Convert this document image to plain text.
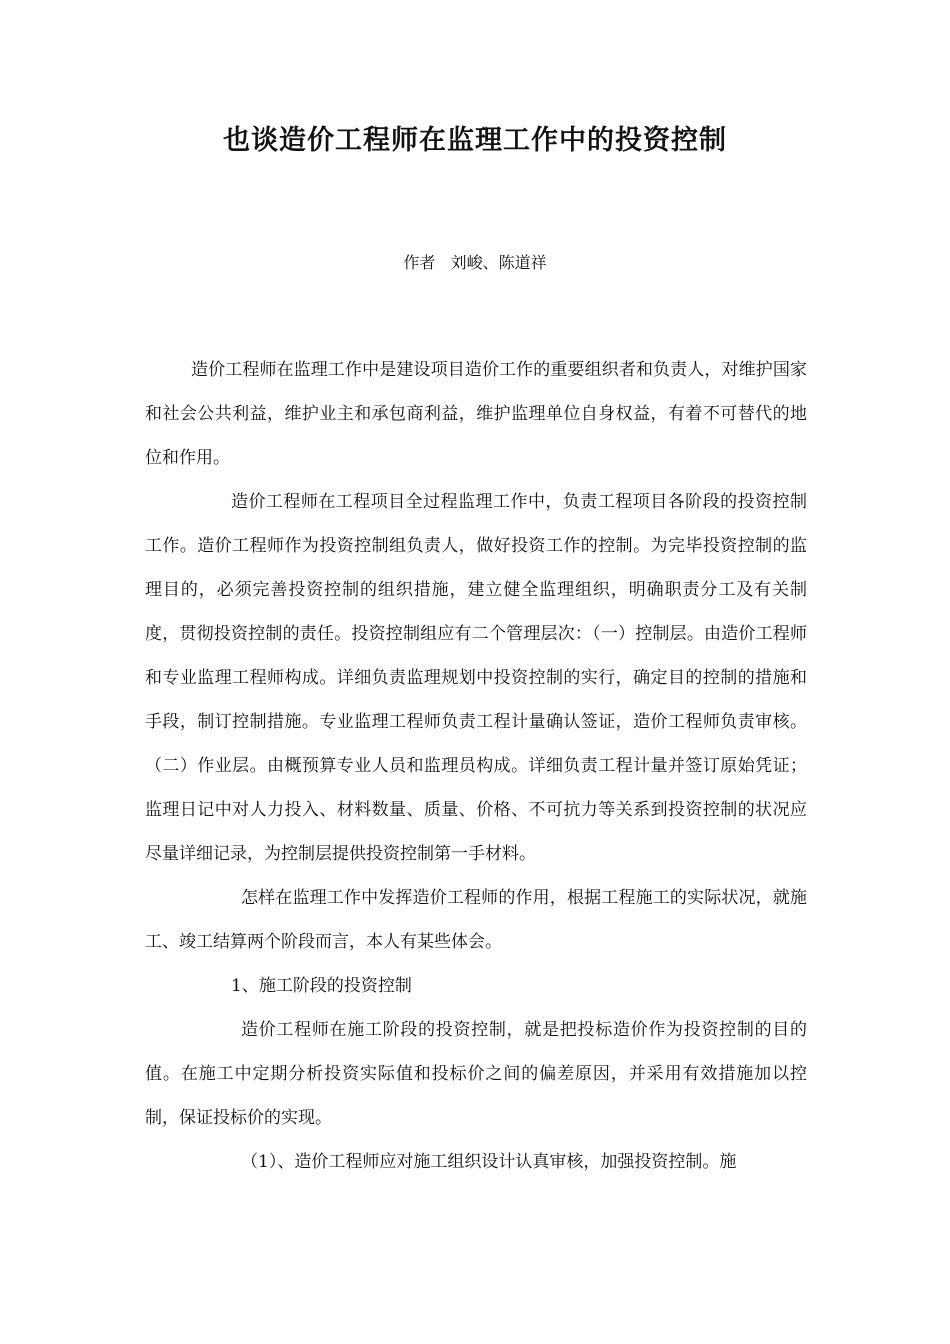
也谈造价工程师在监理工作中的投资控制

作者   刘峻、陈道祥

造价工程师在监理工作中是建设项目造价工作的重要组织者和负责人，对维护国家和社会公共利益，维护业主和承包商利益，维护监理单位自身权益，有着不可替代的地位和作用。

造价工程师在工程项目全过程监理工作中，负责工程项目各阶段的投资控制工作。造价工程师作为投资控制组负责人，做好投资工作的控制。为完毕投资控制的监理目的，必须完善投资控制的组织措施，建立健全监理组织，明确职责分工及有关制度，贯彻投资控制的责任。投资控制组应有二个管理层次：（一）控制层。由造价工程师和专业监理工程师构成。详细负责监理规划中投资控制的实行，确定目的控制的措施和手段，制订控制措施。专业监理工程师负责工程计量确认签证，造价工程师负责审核。（二）作业层。由概预算专业人员和监理员构成。详细负责工程计量并签订原始凭证；监理日记中对人力投入、材料数量、质量、价格、不可抗力等关系到投资控制的状况应尽量详细记录，为控制层提供投资控制第一手材料。

怎样在监理工作中发挥造价工程师的作用，根据工程施工的实际状况，就施工、竣工结算两个阶段而言，本人有某些体会。

1、施工阶段的投资控制

造价工程师在施工阶段的投资控制，就是把投标造价作为投资控制的目的值。在施工中定期分析投资实际值和投标价之间的偏差原因，并采用有效措施加以控制，保证投标价的实现。

（1）、造价工程师应对施工组织设计认真审核，加强投资控制。施
